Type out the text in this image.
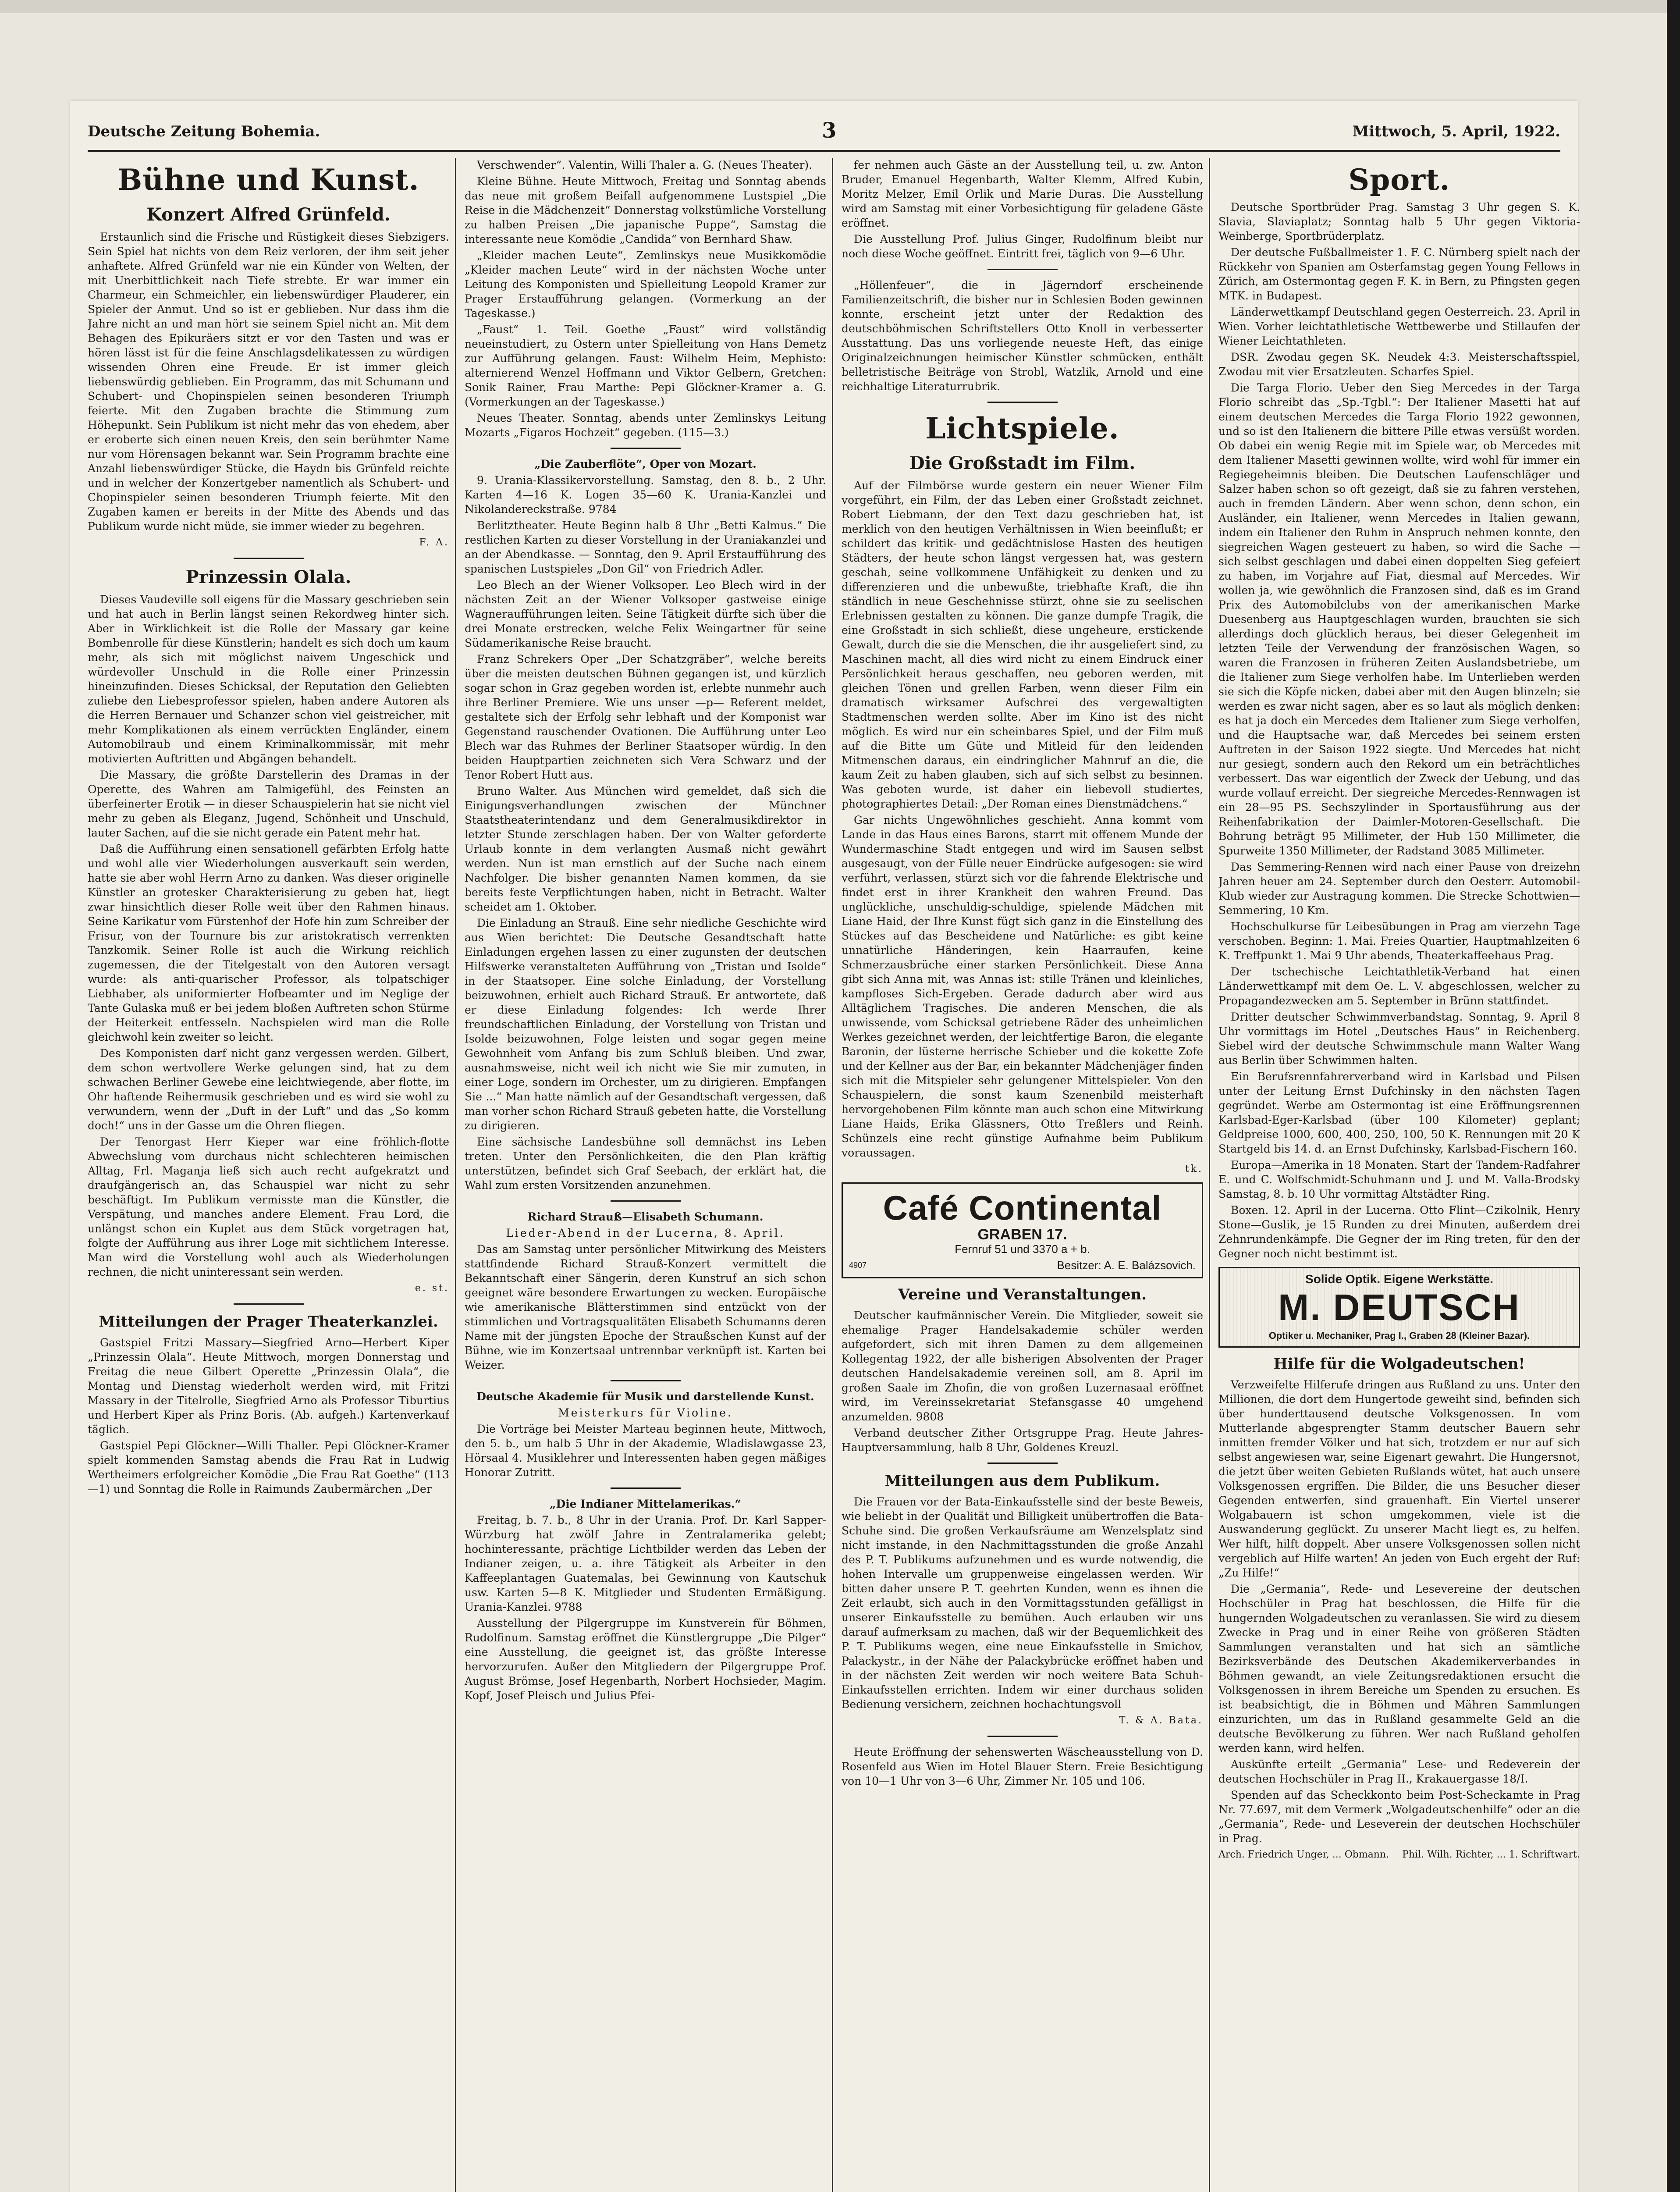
Deutsche Zeitung Bohemia.	3	Mittwoch, 5. April, 1922.
Bühne und Kunst.
Konzert Alfred Grünfeld.

Erstaunlich sind die Frische und Rüstigkeit dieses Siebzigers. Sein Spiel hat nichts von dem Reiz verloren, der ihm seit jeher anhaftete. Alfred Grünfeld war nie ein Künder von Welten, der mit Unerbittlichkeit nach Tiefe strebte. Er war immer ein Charmeur, ein Schmeichler, ein liebenswürdiger Plauderer, ein Spieler der Anmut. Und so ist er geblieben. Nur dass ihm die Jahre nicht an und man hört sie seinem Spiel nicht an. Mit dem Behagen des Epikuräers sitzt er vor den Tasten und was er hören lässt ist für die feine Anschlagsdelikatessen zu würdigen wissenden Ohren eine Freude. Er ist immer gleich liebenswürdig geblieben. Ein Programm, das mit Schumann und Schubert- und Chopinspielen seinen besonderen Triumph feierte. Mit den Zugaben brachte die Stimmung zum Höhepunkt. Sein Publikum ist nicht mehr das von ehedem, aber er eroberte sich einen neuen Kreis, den sein berühmter Name nur vom Hörensagen bekannt war. Sein Programm brachte eine Anzahl liebenswürdiger Stücke, die Haydn bis Grünfeld reichte und in welcher der Konzertgeber namentlich als Schubert- und Chopinspieler seinen besonderen Triumph feierte. Mit den Zugaben kamen er bereits in der Mitte des Abends und das Publikum wurde nicht müde, sie immer wieder zu begehren.

F. A.
Prinzessin Olala.

Dieses Vaudeville soll eigens für die Massary geschrieben sein und hat auch in Berlin längst seinen Rekordweg hinter sich. Aber in Wirklichkeit ist die Rolle der Massary gar keine Bombenrolle für diese Künstlerin; handelt es sich doch um kaum mehr, als sich mit möglichst naivem Ungeschick und würdevoller Unschuld in die Rolle einer Prinzessin hineinzufinden. Dieses Schicksal, der Reputation den Geliebten zuliebe den Liebesprofessor spielen, haben andere Autoren als die Herren Bernauer und Schanzer schon viel geistreicher, mit mehr Komplikationen als einem verrückten Engländer, einem Automobilraub und einem Kriminalkommissär, mit mehr motivierten Auftritten und Abgängen behandelt.

Die Massary, die größte Darstellerin des Dramas in der Operette, des Wahren am Talmigefühl, des Feinsten an überfeinerter Erotik — in dieser Schauspielerin hat sie nicht viel mehr zu geben als Eleganz, Jugend, Schönheit und Unschuld, lauter Sachen, auf die sie nicht gerade ein Patent mehr hat.

Daß die Aufführung einen sensationell gefärbten Erfolg hatte und wohl alle vier Wiederholungen ausverkauft sein werden, hatte sie aber wohl Herrn Arno zu danken. Was dieser originelle Künstler an grotesker Charakterisierung zu geben hat, liegt zwar hinsichtlich dieser Rolle weit über den Rahmen hinaus. Seine Karikatur vom Fürstenhof der Hofe hin zum Schreiber der Frisur, von der Tournure bis zur aristokratisch verrenkten Tanzkomik. Seiner Rolle ist auch die Wirkung reichlich zugemessen, die der Titelgestalt von den Autoren versagt wurde: als anti-quarischer Professor, als tolpatschiger Liebhaber, als uniformierter Hofbeamter und im Neglige der Tante Gulaska muß er bei jedem bloßen Auftreten schon Stürme der Heiterkeit entfesseln. Nachspielen wird man die Rolle gleichwohl kein zweiter so leicht.

Des Komponisten darf nicht ganz vergessen werden. Gilbert, dem schon wertvollere Werke gelungen sind, hat zu dem schwachen Berliner Gewebe eine leichtwiegende, aber flotte, im Ohr haftende Reihermusik geschrieben und es wird sie wohl zu verwundern, wenn der „Duft in der Luft“ und das „So komm doch!“ uns in der Gasse um die Ohren fliegen.

Der Tenorgast Herr Kieper war eine fröhlich-flotte Abwechslung vom durchaus nicht schlechteren heimischen Alltag, Frl. Maganja ließ sich auch recht aufgekratzt und draufgängerisch an, das Schauspiel war nicht zu sehr beschäftigt. Im Publikum vermisste man die Künstler, die Verspätung, und manches andere Element. Frau Lord, die unlängst schon ein Kuplet aus dem Stück vorgetragen hat, folgte der Aufführung aus ihrer Loge mit sichtlichem Interesse. Man wird die Vorstellung wohl auch als Wiederholungen rechnen, die nicht uninteressant sein werden.

e. st.
Mitteilungen der Prager Theaterkanzlei.

Gastspiel Fritzi Massary—Siegfried Arno—Herbert Kiper „Prinzessin Olala“. Heute Mittwoch, morgen Donnerstag und Freitag die neue Gilbert Operette „Prinzessin Olala“, die Montag und Dienstag wiederholt werden wird, mit Fritzi Massary in der Titelrolle, Siegfried Arno als Professor Tiburtius und Herbert Kiper als Prinz Boris. (Ab. aufgeh.) Kartenverkauf täglich.

Gastspiel Pepi Glöckner—Willi Thaller. Pepi Glöckner-Kramer spielt kommenden Samstag abends die Frau Rat in Ludwig Wertheimers erfolgreicher Komödie „Die Frau Rat Goethe“ (113—1) und Sonntag die Rolle in Raimunds Zaubermärchen „Der

Verschwender“. Valentin, Willi Thaler a. G. (Neues Theater).

Kleine Bühne. Heute Mittwoch, Freitag und Sonntag abends das neue mit großem Beifall aufgenommene Lustspiel „Die Reise in die Mädchenzeit“ Donnerstag volkstümliche Vorstellung zu halben Preisen „Die japanische Puppe“, Samstag die interessante neue Komödie „Candida“ von Bernhard Shaw.

„Kleider machen Leute“, Zemlinskys neue Musikkomödie „Kleider machen Leute“ wird in der nächsten Woche unter Leitung des Komponisten und Spielleitung Leopold Kramer zur Prager Erstaufführung gelangen. (Vormerkung an der Tageskasse.)

„Faust“ 1. Teil. Goethe „Faust“ wird vollständig neueinstudiert, zu Ostern unter Spielleitung von Hans Demetz zur Aufführung gelangen. Faust: Wilhelm Heim, Mephisto: alternierend Wenzel Hoffmann und Viktor Gelbern, Gretchen: Sonik Rainer, Frau Marthe: Pepi Glöckner-Kramer a. G. (Vormerkungen an der Tageskasse.)

Neues Theater. Sonntag, abends unter Zemlinskys Leitung Mozarts „Figaros Hochzeit“ gegeben. (115—3.)

„Die Zauberflöte“, Oper von Mozart.

9. Urania-Klassikervorstellung. Samstag, den 8. b., 2 Uhr. Karten 4—16 K. Logen 35—60 K. Urania-Kanzlei und Nikolandereckstraße. 9784

Berlitztheater. Heute Beginn halb 8 Uhr „Betti Kalmus.“ Die restlichen Karten zu dieser Vorstellung in der Uraniakanzlei und an der Abendkasse. — Sonntag, den 9. April Erstaufführung des spanischen Lustspieles „Don Gil“ von Friedrich Adler.

Leo Blech an der Wiener Volksoper. Leo Blech wird in der nächsten Zeit an der Wiener Volksoper gastweise einige Wagneraufführungen leiten. Seine Tätigkeit dürfte sich über die drei Monate erstrecken, welche Felix Weingartner für seine Südamerikanische Reise braucht.

Franz Schrekers Oper „Der Schatzgräber“, welche bereits über die meisten deutschen Bühnen gegangen ist, und kürzlich sogar schon in Graz gegeben worden ist, erlebte nunmehr auch ihre Berliner Premiere. Wie uns unser —p— Referent meldet, gestaltete sich der Erfolg sehr lebhaft und der Komponist war Gegenstand rauschender Ovationen. Die Aufführung unter Leo Blech war das Ruhmes der Berliner Staatsoper würdig. In den beiden Hauptpartien zeichneten sich Vera Schwarz und der Tenor Robert Hutt aus.

Bruno Walter. Aus München wird gemeldet, daß sich die Einigungsverhandlungen zwischen der Münchner Staatstheaterintendanz und dem Generalmusikdirektor in letzter Stunde zerschlagen haben. Der von Walter geforderte Urlaub konnte in dem verlangten Ausmaß nicht gewährt werden. Nun ist man ernstlich auf der Suche nach einem Nachfolger. Die bisher genannten Namen kommen, da sie bereits feste Verpflichtungen haben, nicht in Betracht. Walter scheidet am 1. Oktober.

Die Einladung an Strauß. Eine sehr niedliche Geschichte wird aus Wien berichtet: Die Deutsche Gesandtschaft hatte Einladungen ergehen lassen zu einer zugunsten der deutschen Hilfswerke veranstalteten Aufführung von „Tristan und Isolde“ in der Staatsoper. Eine solche Einladung, der Vorstellung beizuwohnen, erhielt auch Richard Strauß. Er antwortete, daß er diese Einladung folgendes: Ich werde Ihrer freundschaftlichen Einladung, der Vorstellung von Tristan und Isolde beizuwohnen, Folge leisten und sogar gegen meine Gewohnheit vom Anfang bis zum Schluß bleiben. Und zwar, ausnahmsweise, nicht weil ich nicht wie Sie mir zumuten, in einer Loge, sondern im Orchester, um zu dirigieren. Empfangen Sie ...“ Man hatte nämlich auf der Gesandtschaft vergessen, daß man vorher schon Richard Strauß gebeten hatte, die Vorstellung zu dirigieren.

Eine sächsische Landesbühne soll demnächst ins Leben treten. Unter den Persönlichkeiten, die den Plan kräftig unterstützen, befindet sich Graf Seebach, der erklärt hat, die Wahl zum ersten Vorsitzenden anzunehmen.

Richard Strauß—Elisabeth Schumann.

Lieder-Abend in der Lucerna, 8. April.

Das am Samstag unter persönlicher Mitwirkung des Meisters stattfindende Richard Strauß-Konzert vermittelt die Bekanntschaft einer Sängerin, deren Kunstruf an sich schon geeignet wäre besondere Erwartungen zu wecken. Europäische wie amerikanische Blätterstimmen sind entzückt von der stimmlichen und Vortragsqualitäten Elisabeth Schumanns deren Name mit der jüngsten Epoche der Straußschen Kunst auf der Bühne, wie im Konzertsaal untrennbar verknüpft ist. Karten bei Weizer.

Deutsche Akademie für Musik und darstellende Kunst.

Meisterkurs für Violine.

Die Vorträge bei Meister Marteau beginnen heute, Mittwoch, den 5. b., um halb 5 Uhr in der Akademie, Wladislawgasse 23, Hörsaal 4. Musiklehrer und Interessenten haben gegen mäßiges Honorar Zutritt.

„Die Indianer Mittelamerikas.“

Freitag, b. 7. b., 8 Uhr in der Urania. Prof. Dr. Karl Sapper-Würzburg hat zwölf Jahre in Zentralamerika gelebt; hochinteressante, prächtige Lichtbilder werden das Leben der Indianer zeigen, u. a. ihre Tätigkeit als Arbeiter in den Kaffeeplantagen Guatemalas, bei Gewinnung von Kautschuk usw. Karten 5—8 K. Mitglieder und Studenten Ermäßigung. Urania-Kanzlei. 9788

Ausstellung der Pilgergruppe im Kunstverein für Böhmen, Rudolfinum. Samstag eröffnet die Künstlergruppe „Die Pilger“ eine Ausstellung, die geeignet ist, das größte Interesse hervorzurufen. Außer den Mitgliedern der Pilgergruppe Prof. August Brömse, Josef Hegenbarth, Norbert Hochsieder, Magim. Kopf, Josef Pleisch und Julius Pfei-

fer nehmen auch Gäste an der Ausstellung teil, u. zw. Anton Bruder, Emanuel Hegenbarth, Walter Klemm, Alfred Kubin, Moritz Melzer, Emil Orlik und Marie Duras. Die Ausstellung wird am Samstag mit einer Vorbesichtigung für geladene Gäste eröffnet.

Die Ausstellung Prof. Julius Ginger, Rudolfinum bleibt nur noch diese Woche geöffnet. Eintritt frei, täglich von 9—6 Uhr.

„Höllenfeuer“, die in Jägerndorf erscheinende Familienzeitschrift, die bisher nur in Schlesien Boden gewinnen konnte, erscheint jetzt unter der Redaktion des deutschböhmischen Schriftstellers Otto Knoll in verbesserter Ausstattung. Das uns vorliegende neueste Heft, das einige Originalzeichnungen heimischer Künstler schmücken, enthält belletristische Beiträge von Strobl, Watzlik, Arnold und eine reichhaltige Literaturrubrik.

Lichtspiele.
Die Großstadt im Film.

Auf der Filmbörse wurde gestern ein neuer Wiener Film vorgeführt, ein Film, der das Leben einer Großstadt zeichnet. Robert Liebmann, der den Text dazu geschrieben hat, ist merklich von den heutigen Verhältnissen in Wien beeinflußt; er schildert das kritik- und gedächtnislose Hasten des heutigen Städters, der heute schon längst vergessen hat, was gestern geschah, seine vollkommene Unfähigkeit zu denken und zu differenzieren und die unbewußte, triebhafte Kraft, die ihn ständlich in neue Geschehnisse stürzt, ohne sie zu seelischen Erlebnissen gestalten zu können. Die ganze dumpfe Tragik, die eine Großstadt in sich schließt, diese ungeheure, erstickende Gewalt, durch die sie die Menschen, die ihr ausgeliefert sind, zu Maschinen macht, all dies wird nicht zu einem Eindruck einer Persönlichkeit heraus geschaffen, neu geboren werden, mit gleichen Tönen und grellen Farben, wenn dieser Film ein dramatisch wirksamer Aufschrei des vergewaltigten Stadtmenschen werden sollte. Aber im Kino ist des nicht möglich. Es wird nur ein scheinbares Spiel, und der Film muß auf die Bitte um Güte und Mitleid für den leidenden Mitmenschen daraus, ein eindringlicher Mahnruf an die, die kaum Zeit zu haben glauben, sich auf sich selbst zu besinnen. Was geboten wurde, ist daher ein liebevoll studiertes, photographiertes Detail: „Der Roman eines Dienstmädchens.“

Gar nichts Ungewöhnliches geschieht. Anna kommt vom Lande in das Haus eines Barons, starrt mit offenem Munde der Wundermaschine Stadt entgegen und wird im Sausen selbst ausgesaugt, von der Fülle neuer Eindrücke aufgesogen: sie wird verführt, verlassen, stürzt sich vor die fahrende Elektrische und findet erst in ihrer Krankheit den wahren Freund. Das unglückliche, unschuldig-schuldige, spielende Mädchen mit Liane Haid, der Ihre Kunst fügt sich ganz in die Einstellung des Stückes auf das Bescheidene und Natürliche: es gibt keine unnatürliche Händeringen, kein Haarraufen, keine Schmerzausbrüche einer starken Persönlichkeit. Diese Anna gibt sich Anna mit, was Annas ist: stille Tränen und kleinliches, kampfloses Sich-Ergeben. Gerade dadurch aber wird aus Alltäglichem Tragisches. Die anderen Menschen, die als unwissende, vom Schicksal getriebene Räder des unheimlichen Werkes gezeichnet werden, der leichtfertige Baron, die elegante Baronin, der lüsterne herrische Schieber und die kokette Zofe und der Kellner aus der Bar, ein bekannter Mädchenjäger finden sich mit die Mitspieler sehr gelungener Mittelspieler. Von den Schauspielern, die sonst kaum Szenenbild meisterhaft hervorgehobenen Film könnte man auch schon eine Mitwirkung Liane Haids, Erika Glässners, Otto Treßlers und Reinh. Schünzels eine recht günstige Aufnahme beim Publikum voraussagen.

tk.
Café Continental
GRABEN 17.
Fernruf 51 und 3370 a + b.
4907	Besitzer: A. E. Balázsovich.
Vereine und Veranstaltungen.

Deutscher kaufmännischer Verein. Die Mitglieder, soweit sie ehemalige Prager Handelsakademie schüler werden aufgefordert, sich mit ihren Damen zu dem allgemeinen Kollegentag 1922, der alle bisherigen Absolventen der Prager deutschen Handelsakademie vereinen soll, am 8. April im großen Saale im Zhofin, die von großen Luzernasaal eröffnet wird, im Vereinssekretariat Stefansgasse 40 umgehend anzumelden. 9808

Verband deutscher Zither Ortsgruppe Prag. Heute Jahres-Hauptversammlung, halb 8 Uhr, Goldenes Kreuzl.

Mitteilungen aus dem Publikum.

Die Frauen vor der Bata-Einkaufsstelle sind der beste Beweis, wie beliebt in der Qualität und Billigkeit unübertroffen die Bata-Schuhe sind. Die großen Verkaufsräume am Wenzelsplatz sind nicht imstande, in den Nachmittagsstunden die große Anzahl des P. T. Publikums aufzunehmen und es wurde notwendig, die hohen Intervalle um gruppenweise eingelassen werden. Wir bitten daher unsere P. T. geehrten Kunden, wenn es ihnen die Zeit erlaubt, sich auch in den Vormittagsstunden gefälligst in unserer Einkaufsstelle zu bemühen. Auch erlauben wir uns darauf aufmerksam zu machen, daß wir der Bequemlichkeit des P. T. Publikums wegen, eine neue Einkaufsstelle in Smichov, Palackystr., in der Nähe der Palackybrücke eröffnet haben und in der nächsten Zeit werden wir noch weitere Bata Schuh-Einkaufsstellen errichten. Indem wir einer durchaus soliden Bedienung versichern, zeichnen hochachtungsvoll

T. & A. Bata.

Heute Eröffnung der sehenswerten Wäscheausstellung von D. Rosenfeld aus Wien im Hotel Blauer Stern. Freie Besichtigung von 10—1 Uhr von 3—6 Uhr, Zimmer Nr. 105 und 106.

Sport.

Deutsche Sportbrüder Prag. Samstag 3 Uhr gegen S. K. Slavia, Slaviaplatz; Sonntag halb 5 Uhr gegen Viktoria-Weinberge, Sportbrüderplatz.

Der deutsche Fußballmeister 1. F. C. Nürnberg spielt nach der Rückkehr von Spanien am Osterfamstag gegen Young Fellows in Zürich, am Ostermontag gegen F. K. in Bern, zu Pfingsten gegen MTK. in Budapest.

Länderwettkampf Deutschland gegen Oesterreich. 23. April in Wien. Vorher leichtathletische Wettbewerbe und Stillaufen der Wiener Leichtathleten.

DSR. Zwodau gegen SK. Neudek 4:3. Meisterschaftsspiel, Zwodau mit vier Ersatzleuten. Scharfes Spiel.

Die Targa Florio. Ueber den Sieg Mercedes in der Targa Florio schreibt das „Sp.-Tgbl.“: Der Italiener Masetti hat auf einem deutschen Mercedes die Targa Florio 1922 gewonnen, und so ist den Italienern die bittere Pille etwas versüßt worden. Ob dabei ein wenig Regie mit im Spiele war, ob Mercedes mit dem Italiener Masetti gewinnen wollte, wird wohl für immer ein Regiegeheimnis bleiben. Die Deutschen Laufenschläger und Salzer haben schon so oft gezeigt, daß sie zu fahren verstehen, auch in fremden Ländern. Aber wenn schon, denn schon, ein Ausländer, ein Italiener, wenn Mercedes in Italien gewann, indem ein Italiener den Ruhm in Anspruch nehmen konnte, den siegreichen Wagen gesteuert zu haben, so wird die Sache — sich selbst geschlagen und dabei einen doppelten Sieg gefeiert zu haben, im Vorjahre auf Fiat, diesmal auf Mercedes. Wir wollen ja, wie gewöhnlich die Franzosen sind, daß es im Grand Prix des Automobilclubs von der amerikanischen Marke Duesenberg aus Hauptgeschlagen wurden, brauchten sie sich allerdings doch glücklich heraus, bei dieser Gelegenheit im letzten Teile der Verwendung der französischen Wagen, so waren die Franzosen in früheren Zeiten Auslandsbetriebe, um die Italiener zum Siege verholfen habe. Im Unterlieben werden sie sich die Köpfe nicken, dabei aber mit den Augen blinzeln; sie werden es zwar nicht sagen, aber es so laut als möglich denken: es hat ja doch ein Mercedes dem Italiener zum Siege verholfen, und die Hauptsache war, daß Mercedes bei seinem ersten Auftreten in der Saison 1922 siegte. Und Mercedes hat nicht nur gesiegt, sondern auch den Rekord um ein beträchtliches verbessert. Das war eigentlich der Zweck der Uebung, und das wurde vollauf erreicht. Der siegreiche Mercedes-Rennwagen ist ein 28—95 PS. Sechszylinder in Sportausführung aus der Reihenfabrikation der Daimler-Motoren-Gesellschaft. Die Bohrung beträgt 95 Millimeter, der Hub 150 Millimeter, die Spurweite 1350 Millimeter, der Radstand 3085 Millimeter.

Das Semmering-Rennen wird nach einer Pause von dreizehn Jahren heuer am 24. September durch den Oesterr. Automobil-Klub wieder zur Austragung kommen. Die Strecke Schottwien—Semmering, 10 Km.

Hochschulkurse für Leibesübungen in Prag am vierzehn Tage verschoben. Beginn: 1. Mai. Freies Quartier, Hauptmahlzeiten 6 K. Treffpunkt 1. Mai 9 Uhr abends, Theaterkaffeehaus Prag.

Der tschechische Leichtathletik-Verband hat einen Länderwettkampf mit dem Oe. L. V. abgeschlossen, welcher zu Propagandezwecken am 5. September in Brünn stattfindet.

Dritter deutscher Schwimmverbandstag. Sonntag, 9. April 8 Uhr vormittags im Hotel „Deutsches Haus“ in Reichenberg. Siebel wird der deutsche Schwimmschule mann Walter Wang aus Berlin über Schwimmen halten.

Ein Berufsrennfahrerverband wird in Karlsbad und Pilsen unter der Leitung Ernst Dufchinsky in den nächsten Tagen gegründet. Werbe am Ostermontag ist eine Eröffnungsrennen Karlsbad-Eger-Karlsbad (über 100 Kilometer) geplant; Geldpreise 1000, 600, 400, 250, 100, 50 K. Rennungen mit 20 K Startgeld bis 14. d. an Ernst Dufchinsky, Karlsbad-Fischern 160.

Europa—Amerika in 18 Monaten. Start der Tandem-Radfahrer E. und C. Wolfschmidt-Schuhmann und J. und M. Valla-Brodsky Samstag, 8. b. 10 Uhr vormittag Altstädter Ring.

Boxen. 12. April in der Lucerna. Otto Flint—Czikolnik, Henry Stone—Guslik, je 15 Runden zu drei Minuten, außerdem drei Zehnrundenkämpfe. Die Gegner der im Ring treten, für den der Gegner noch nicht bestimmt ist.

Solide Optik. Eigene Werkstätte.
M. DEUTSCH
Optiker u. Mechaniker, Prag I., Graben 28 (Kleiner Bazar).
Hilfe für die Wolgadeutschen!

Verzweifelte Hilferufe dringen aus Rußland zu uns. Unter den Millionen, die dort dem Hungertode geweiht sind, befinden sich über hunderttausend deutsche Volksgenossen. In vom Mutterlande abgesprengter Stamm deutscher Bauern sehr inmitten fremder Völker und hat sich, trotzdem er nur auf sich selbst angewiesen war, seine Eigenart gewahrt. Die Hungersnot, die jetzt über weiten Gebieten Rußlands wütet, hat auch unsere Volksgenossen ergriffen. Die Bilder, die uns Besucher dieser Gegenden entwerfen, sind grauenhaft. Ein Viertel unserer Wolgabauern ist schon umgekommen, viele ist die Auswanderung geglückt. Zu unserer Macht liegt es, zu helfen. Wer hilft, hilft doppelt. Aber unsere Volksgenossen sollen nicht vergeblich auf Hilfe warten! An jeden von Euch ergeht der Ruf: „Zu Hilfe!“

Die „Germania“, Rede- und Lesevereine der deutschen Hochschüler in Prag hat beschlossen, die Hilfe für die hungernden Wolgadeutschen zu veranlassen. Sie wird zu diesem Zwecke in Prag und in einer Reihe von größeren Städten Sammlungen veranstalten und hat sich an sämtliche Bezirksverbände des Deutschen Akademikerverbandes in Böhmen gewandt, an viele Zeitungsredaktionen ersucht die Volksgenossen in ihrem Bereiche um Spenden zu ersuchen. Es ist beabsichtigt, die in Böhmen und Mähren Sammlungen einzurichten, um das in Rußland gesammelte Geld an die deutsche Bevölkerung zu führen. Wer nach Rußland geholfen werden kann, wird helfen.

Auskünfte erteilt „Germania“ Lese- und Redeverein der deutschen Hochschüler in Prag II., Krakauergasse 18/I.

Spenden auf das Scheckkonto beim Post-Scheckamte in Prag Nr. 77.697, mit dem Vermerk „Wolgadeutschenhilfe“ oder an die „Germania“, Rede- und Leseverein der deutschen Hochschüler in Prag.

Arch. Friedrich Unger, ... Obmann. Phil. Wilh. Richter, ... 1. Schriftwart.
